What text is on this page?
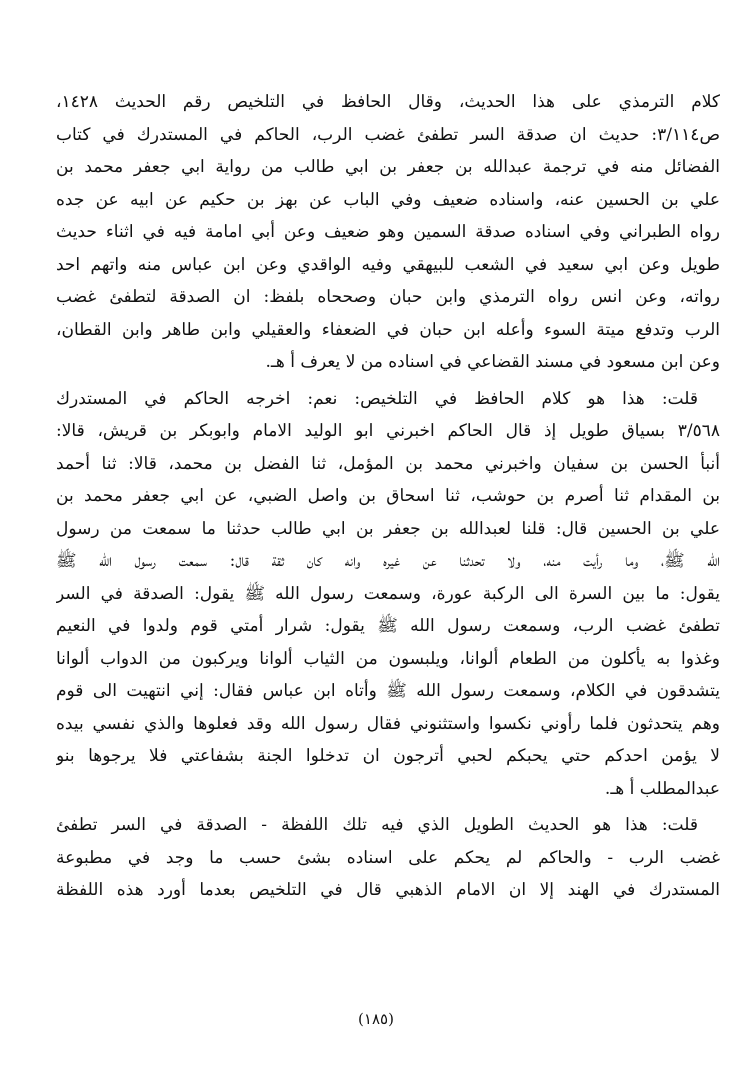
كلام الترمذي على هذا الحديث، وقال الحافظ في التلخيص رقم الحديث ١٤٢٨،
ص٣/١١٤: حديث ان صدقة السر تطفئ غضب الرب، الحاكم في المستدرك في كتاب
الفضائل منه في ترجمة عبدالله بن جعفر بن ابي طالب من رواية ابي جعفر محمد بن
علي بن الحسين عنه، واسناده ضعيف وفي الباب عن بهز بن حكيم عن ابيه عن جده
رواه الطبراني وفي اسناده صدقة السمين وهو ضعيف وعن أبي امامة فيه في اثناء حديث
طويل وعن ابي سعيد في الشعب للبيهقي وفيه الواقدي وعن ابن عباس منه واتهم احد
رواته، وعن انس رواه الترمذي وابن حبان وصححاه بلفظ: ان الصدقة لتطفئ غضب
الرب وتدفع ميتة السوء وأعله ابن حبان في الضعفاء والعقيلي وابن طاهر وابن القطان،
وعن ابن مسعود في مسند القضاعي في اسناده من لا يعرف أ هـ.
قلت: هذا هو كلام الحافظ في التلخيص: نعم: اخرجه الحاكم في المستدرك
٣/٥٦٨ بسياق طويل إذ قال الحاكم اخبرني ابو الوليد الامام وابوبكر بن قريش، قالا:
أنبأ الحسن بن سفيان واخبرني محمد بن المؤمل، ثنا الفضل بن محمد، قالا: ثنا أحمد
بن المقدام ثنا أصرم بن حوشب، ثنا اسحاق بن واصل الضبي، عن ابي جعفر محمد بن
علي بن الحسين قال: قلنا لعبدالله بن جعفر بن ابي طالب حدثنا ما سمعت من رسول
الله ﷺ، وما رأيت منه، ولا تحدثنا عن غيره وانه كان ثقة قال: سمعت رسول الله ﷺ
يقول: ما بين السرة الى الركبة عورة، وسمعت رسول الله ﷺ يقول: الصدقة في السر
تطفئ غضب الرب، وسمعت رسول الله ﷺ يقول: شرار أمتي قوم ولدوا في النعيم
وغذوا به يأكلون من الطعام ألوانا، ويلبسون من الثياب ألوانا ويركبون من الدواب ألوانا
يتشدقون في الكلام، وسمعت رسول الله ﷺ وأتاه ابن عباس فقال: إني انتهيت الى قوم
وهم يتحدثون فلما رأوني نكسوا واستثنوني فقال رسول الله وقد فعلوها والذي نفسي بيده
لا يؤمن احدكم حتي يحبكم لحبي أترجون ان تدخلوا الجنة بشفاعتي فلا يرجوها بنو
عبدالمطلب أ هـ.
قلت: هذا هو الحديث الطويل الذي فيه تلك اللفظة - الصدقة في السر تطفئ
غضب الرب - والحاكم لم يحكم على اسناده بشئ حسب ما وجد في مطبوعة
المستدرك في الهند إلا ان الامام الذهبي قال في التلخيص بعدما أورد هذه اللفظة
(١٨٥)
